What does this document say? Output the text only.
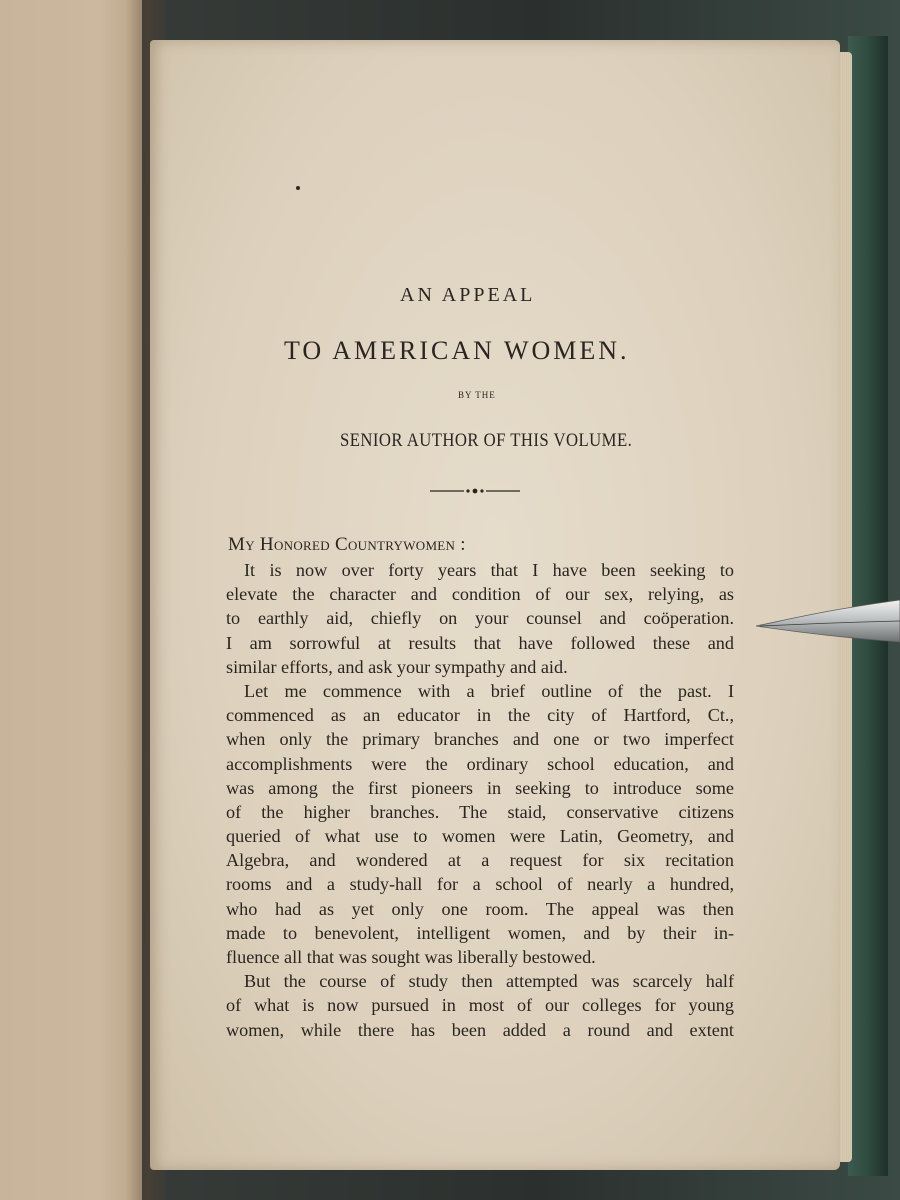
AN APPEAL
TO AMERICAN WOMEN.
BY THE
SENIOR AUTHOR OF THIS VOLUME.
My Honored Countrywomen :
It is now over forty years that I have been seeking to
elevate the character and condition of our sex, relying, as
to earthly aid, chiefly on your counsel and coöperation.
I am sorrowful at results that have followed these and
similar efforts, and ask your sympathy and aid.
Let me commence with a brief outline of the past. I
commenced as an educator in the city of Hartford, Ct.,
when only the primary branches and one or two imperfect
accomplishments were the ordinary school education, and
was among the first pioneers in seeking to introduce some
of the higher branches. The staid, conservative citizens
queried of what use to women were Latin, Geometry, and
Algebra, and wondered at a request for six recitation
rooms and a study-hall for a school of nearly a hundred,
who had as yet only one room. The appeal was then
made to benevolent, intelligent women, and by their in-
fluence all that was sought was liberally bestowed.
But the course of study then attempted was scarcely half
of what is now pursued in most of our colleges for young
women, while there has been added a round and extent
